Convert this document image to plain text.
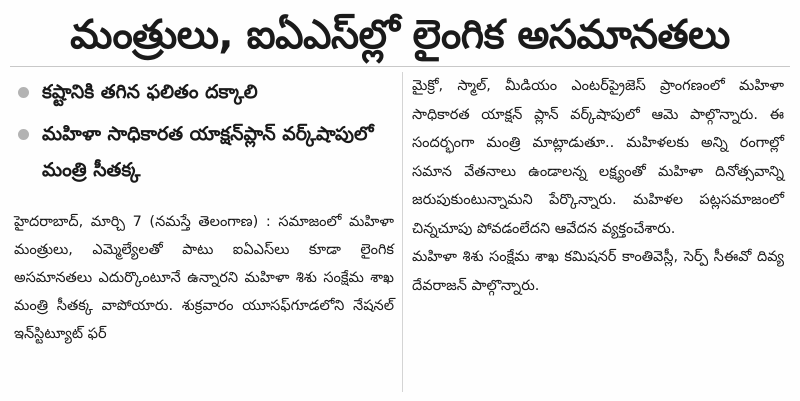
మంత్రులు, ఐఏఎస్‌ల్లో లైంగిక అసమానతలు
కష్టానికి తగిన ఫలితం దక్కాలి
మహిళా సాధికారత యాక్షన్‌ప్లాన్ వర్క్‌షాపులో మంత్రి సీతక్క

హైదరాబాద్, మార్చి 7 (నమస్తే తెలంగాణ) : సమాజంలో మహిళా మంత్రులు, ఎమ్మెల్యేలతో పాటు ఐఏఎస్‌లు కూడా లైంగిక అసమానతలు ఎదుర్కొంటూనే ఉన్నారని మహిళా శిశు సంక్షేమ శాఖ మంత్రి సీతక్క వాపోయారు. శుక్రవారం యూసఫ్‌గూడలోని నేషనల్ ఇన్‌స్టిట్యూట్ ఫర్

మైక్రో, స్మాల్, మీడియం ఎంటర్‌ప్రైజెస్ ప్రాంగణంలో మహిళా సాధికారత యాక్షన్ ప్లాన్ వర్క్‌షాపులో ఆమె పాల్గొన్నారు. ఈ సందర్భంగా మంత్రి మాట్లాడుతూ.. మహిళలకు అన్ని రంగాల్లో సమాన వేతనాలు ఉండాలన్న లక్ష్యంతో మహిళా దినోత్సవాన్ని జరుపుకుంటున్నామని పేర్కొన్నారు. మహిళల పట్లసమాజంలో చిన్నచూపు పోవడంలేదని ఆవేదన వ్యక్తంచేశారు.

మహిళా శిశు సంక్షేమ శాఖ కమిషనర్ కాంతివెస్లీ, సెర్ప్ సీఈవో దివ్య దేవరాజన్ పాల్గొన్నారు.
